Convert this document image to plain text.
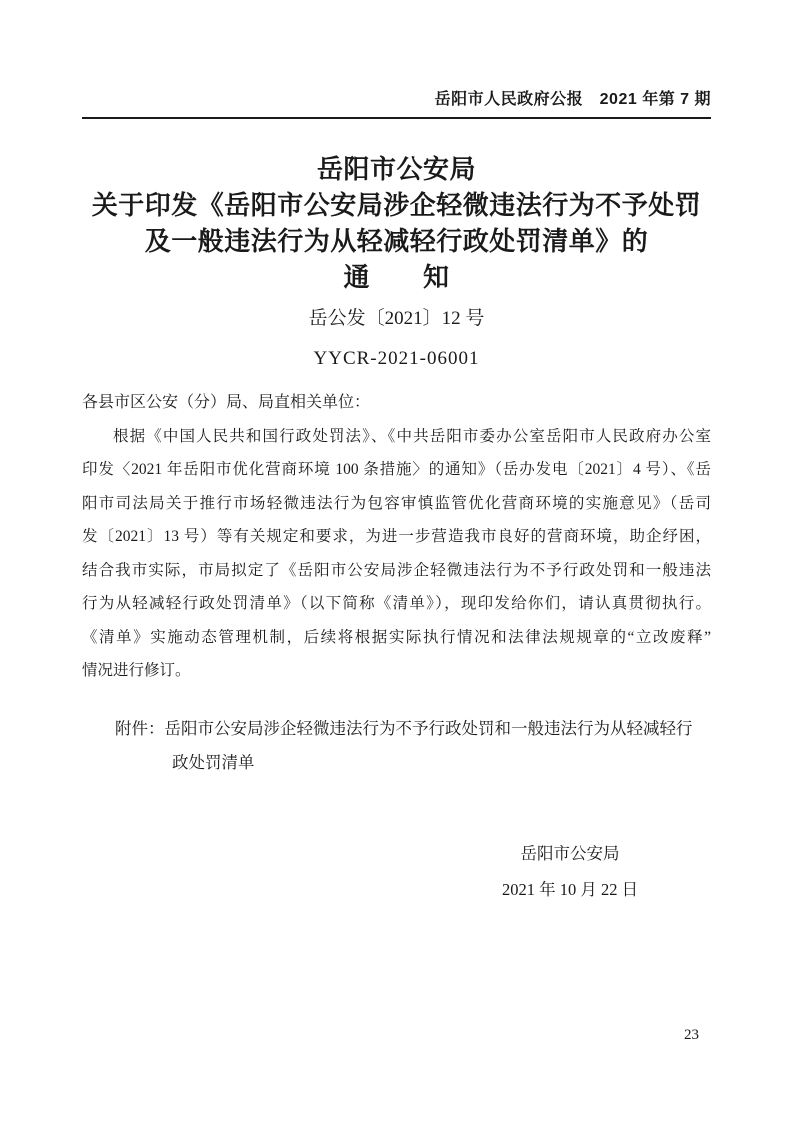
岳阳市人民政府公报　2021 年第 7 期
岳阳市公安局
关于印发《岳阳市公安局涉企轻微违法行为不予处罚
及一般违法行为从轻减轻行政处罚清单》的
通　　知
岳公发〔2021〕12 号
YYCR-2021-06001
各县市区公安（分）局、局直相关单位：
根据《中国人民共和国行政处罚法》、《中共岳阳市委办公室岳阳市人民政府办公室
印发〈2021 年岳阳市优化营商环境 100 条措施〉的通知》（岳办发电〔2021〕4 号）、《岳
阳市司法局关于推行市场轻微违法行为包容审慎监管优化营商环境的实施意见》（岳司
发〔2021〕13 号）等有关规定和要求，为进一步营造我市良好的营商环境，助企纾困，
结合我市实际，市局拟定了《岳阳市公安局涉企轻微违法行为不予行政处罚和一般违法
行为从轻减轻行政处罚清单》（以下简称《清单》），现印发给你们，请认真贯彻执行。
《清单》实施动态管理机制，后续将根据实际执行情况和法律法规规章的“立改废释”
情况进行修订。
附件：岳阳市公安局涉企轻微违法行为不予行政处罚和一般违法行为从轻减轻行
政处罚清单
岳阳市公安局
2021 年 10 月 22 日
23
